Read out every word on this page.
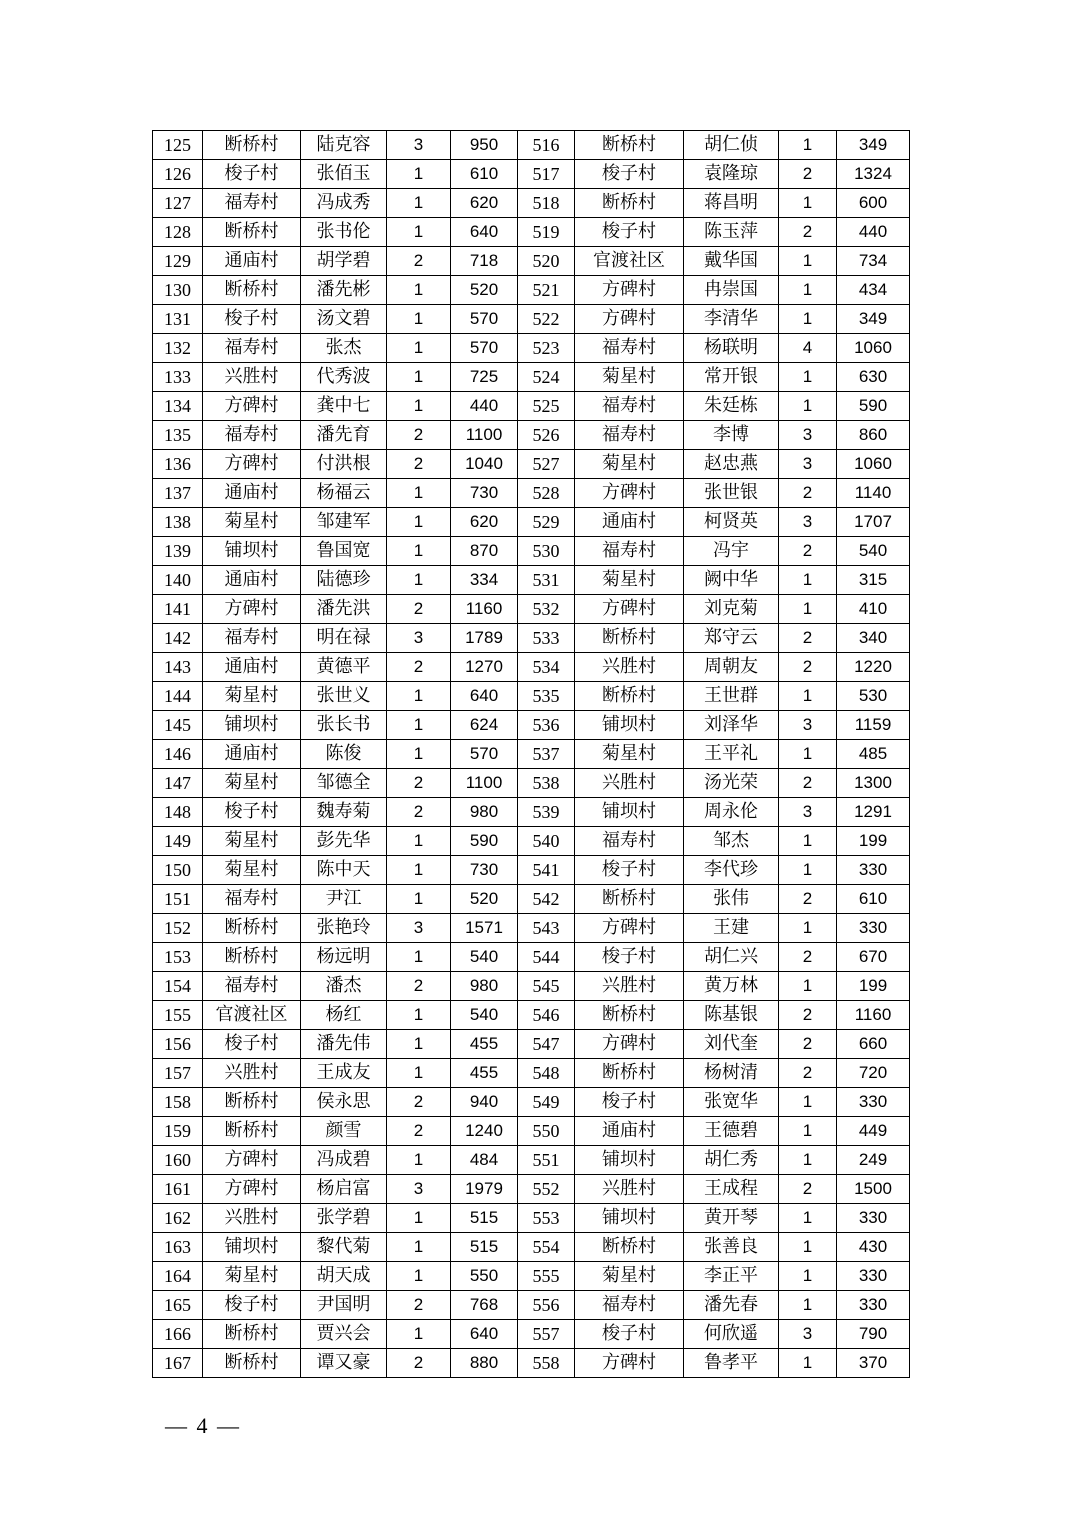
125	断桥村	陆克容	3	950	516	断桥村	胡仁侦	1	349
126	梭子村	张佰玉	1	610	517	梭子村	袁隆琼	2	1324
127	福寿村	冯成秀	1	620	518	断桥村	蒋昌明	1	600
128	断桥村	张书伦	1	640	519	梭子村	陈玉萍	2	440
129	通庙村	胡学碧	2	718	520	官渡社区	戴华国	1	734
130	断桥村	潘先彬	1	520	521	方碑村	冉崇国	1	434
131	梭子村	汤文碧	1	570	522	方碑村	李清华	1	349
132	福寿村	张杰	1	570	523	福寿村	杨联明	4	1060
133	兴胜村	代秀波	1	725	524	菊星村	常开银	1	630
134	方碑村	龚中七	1	440	525	福寿村	朱廷栋	1	590
135	福寿村	潘先育	2	1100	526	福寿村	李博	3	860
136	方碑村	付洪根	2	1040	527	菊星村	赵忠燕	3	1060
137	通庙村	杨福云	1	730	528	方碑村	张世银	2	1140
138	菊星村	邹建军	1	620	529	通庙村	柯贤英	3	1707
139	铺坝村	鲁国宽	1	870	530	福寿村	冯宇	2	540
140	通庙村	陆德珍	1	334	531	菊星村	阙中华	1	315
141	方碑村	潘先洪	2	1160	532	方碑村	刘克菊	1	410
142	福寿村	明在禄	3	1789	533	断桥村	郑守云	2	340
143	通庙村	黄德平	2	1270	534	兴胜村	周朝友	2	1220
144	菊星村	张世义	1	640	535	断桥村	王世群	1	530
145	铺坝村	张长书	1	624	536	铺坝村	刘泽华	3	1159
146	通庙村	陈俊	1	570	537	菊星村	王平礼	1	485
147	菊星村	邹德全	2	1100	538	兴胜村	汤光荣	2	1300
148	梭子村	魏寿菊	2	980	539	铺坝村	周永伦	3	1291
149	菊星村	彭先华	1	590	540	福寿村	邹杰	1	199
150	菊星村	陈中天	1	730	541	梭子村	李代珍	1	330
151	福寿村	尹江	1	520	542	断桥村	张伟	2	610
152	断桥村	张艳玲	3	1571	543	方碑村	王建	1	330
153	断桥村	杨远明	1	540	544	梭子村	胡仁兴	2	670
154	福寿村	潘杰	2	980	545	兴胜村	黄万林	1	199
155	官渡社区	杨红	1	540	546	断桥村	陈基银	2	1160
156	梭子村	潘先伟	1	455	547	方碑村	刘代奎	2	660
157	兴胜村	王成友	1	455	548	断桥村	杨树清	2	720
158	断桥村	侯永思	2	940	549	梭子村	张宽华	1	330
159	断桥村	颜雪	2	1240	550	通庙村	王德碧	1	449
160	方碑村	冯成碧	1	484	551	铺坝村	胡仁秀	1	249
161	方碑村	杨启富	3	1979	552	兴胜村	王成程	2	1500
162	兴胜村	张学碧	1	515	553	铺坝村	黄开琴	1	330
163	铺坝村	黎代菊	1	515	554	断桥村	张善良	1	430
164	菊星村	胡天成	1	550	555	菊星村	李正平	1	330
165	梭子村	尹国明	2	768	556	福寿村	潘先春	1	330
166	断桥村	贾兴会	1	640	557	梭子村	何欣遥	3	790
167	断桥村	谭又豪	2	880	558	方碑村	鲁孝平	1	370
— 4 —
